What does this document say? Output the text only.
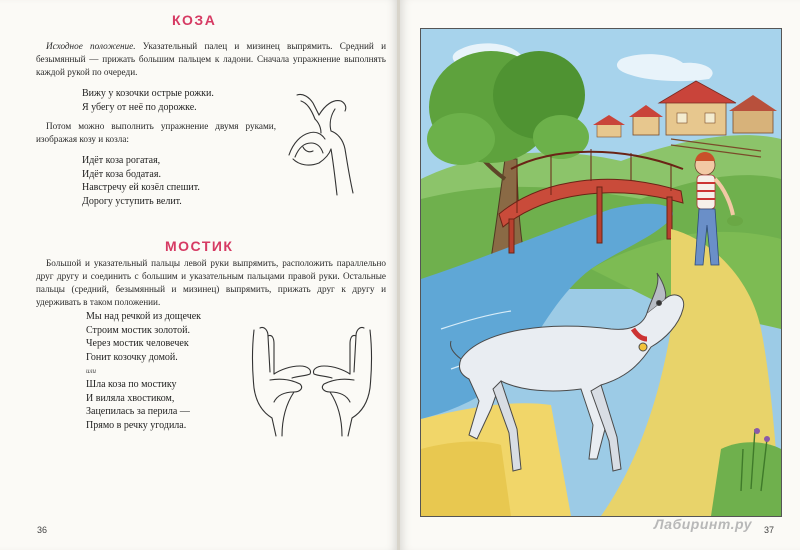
КОЗА
Исходное положение. Указательный палец и мизинец выпрямить. Средний и безымянный — прижать большим пальцем к ладони. Сначала упражнение выполнять каждой рукой по очереди.
Вижу у козочки острые рожки.
Я убегу от неё по дорожке.
Потом можно выполнить упражнение двумя руками, изображая козу и козла:
Идёт коза рогатая,
Идёт коза бодатая.
Навстречу ей козёл спешит.
Дорогу уступить велит.
МОСТИК
Большой и указательный пальцы левой руки выпрямить, расположить параллельно друг другу и соединить с большим и указательным пальцами правой руки. Остальные пальцы (средний, безымянный и мизинец) выпрямить, прижать друг к другу и удерживать в таком положении.
Мы над речкой из дощечек
Строим мостик золотой.
Через мостик человечек
Гонит козочку домой.
или
Шла коза по мостику
И виляла хвостиком,
Зацепилась за перила —
Прямо в речку угодила.
36	37
Лабиринт.ру
